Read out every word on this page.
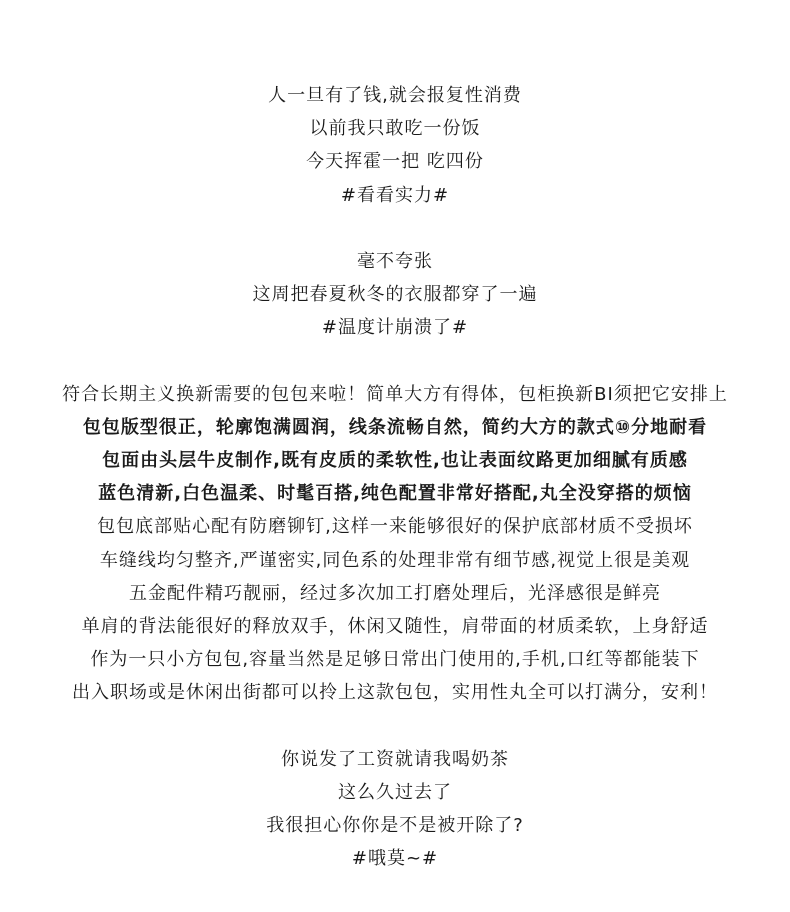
人一旦有了钱,就会报复性消费
以前我只敢吃一份饭
今天挥霍一把 吃四份
#看看实力#
毫不夸张
这周把春夏秋冬的衣服都穿了一遍
#温度计崩溃了#
符合长期主义换新需要的包包来啦！简单大方有得体，包柜换新BI须把它安排上
包包版型很正，轮廓饱满圆润，线条流畅自然，简约大方的款式⑩分地耐看
包面由头层牛皮制作,既有皮质的柔软性,也让表面纹路更加细腻有质感
蓝色清新,白色温柔、时髦百搭,纯色配置非常好搭配,丸全没穿搭的烦恼
包包底部贴心配有防磨铆钉,这样一来能够很好的保护底部材质不受损坏
车缝线均匀整齐,严谨密实,同色系的处理非常有细节感,视觉上很是美观
五金配件精巧靓丽，经过多次加工打磨处理后，光泽感很是鲜亮
单肩的背法能很好的释放双手，休闲又随性，肩带面的材质柔软，上身舒适
作为一只小方包包,容量当然是足够日常出门使用的,手机,口红等都能装下
出入职场或是休闲出街都可以拎上这款包包，实用性丸全可以打满分，安利！
你说发了工资就请我喝奶茶
这么久过去了
我很担心你你是不是被开除了?
#哦莫~#
